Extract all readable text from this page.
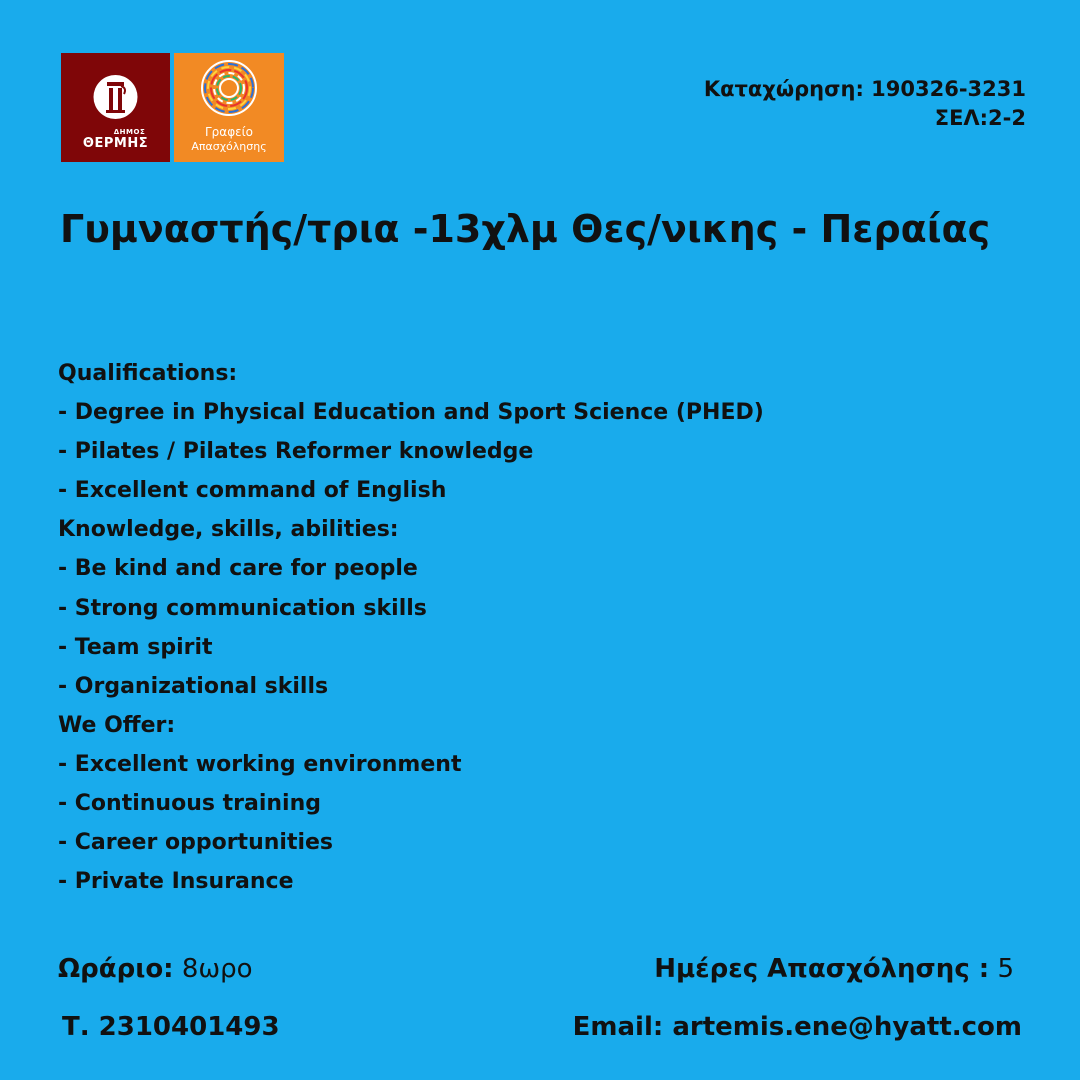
ΔΗΜΟΣ
ΘΕΡΜΗΣ
Γραφείο
Απασχόλησης
Καταχώρηση: 190326-3231
ΣΕΛ:2-2
Γυμναστής/τρια -13χλμ Θες/νικης - Περαίας
Qualifications:
- Degree in Physical Education and Sport Science (PHED)
- Pilates / Pilates Reformer knowledge
- Excellent command of English
Knowledge, skills, abilities:
- Be kind and care for people
- Strong communication skills
- Team spirit
- Organizational skills
We Offer:
- Excellent working environment
- Continuous training
- Career opportunities
- Private Insurance
Ωράριο: 8ωρο	Ημέρες Απασχόλησης : 5
Τ. 2310401493	Email: artemis.ene@hyatt.com
